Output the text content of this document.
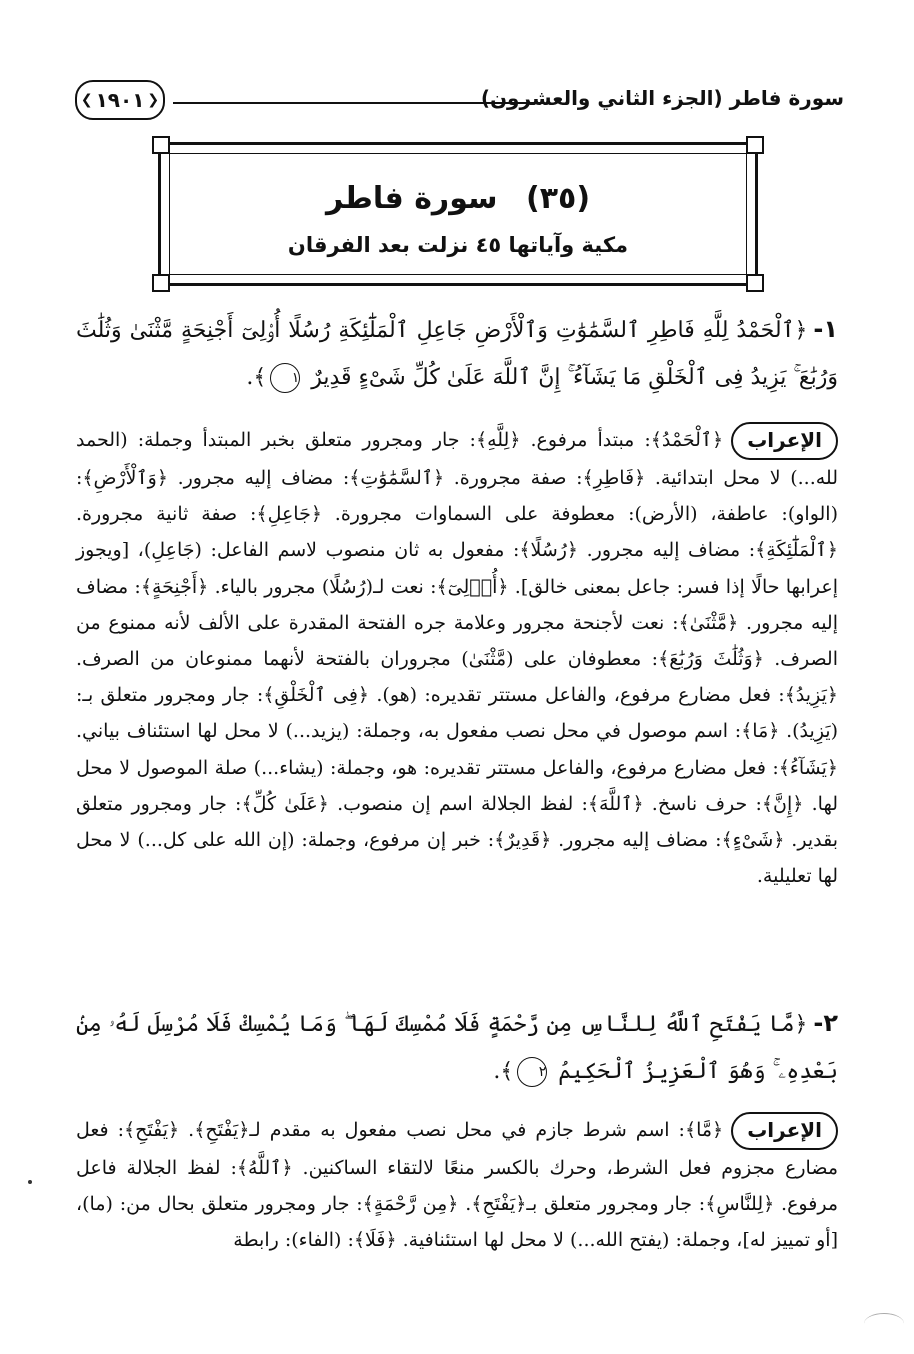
سورة فاطر (الجزء الثاني والعشرون)
❮ ١٩٠١ ❯
(٣٥) سورة فاطر
مكية وآياتها ٤٥ نزلت بعد الفرقان
١-﴿ٱلْحَمْدُ لِلَّهِ فَاطِرِ ٱلسَّمَٰوَٰتِ وَٱلْأَرْضِ جَاعِلِ ٱلْمَلَٰٓئِكَةِ رُسُلًا أُو۟لِىٓ أَجْنِحَةٍ مَّثْنَىٰ وَثُلَٰثَ وَرُبَٰعَ ۚ يَزِيدُ فِى ٱلْخَلْقِ مَا يَشَآءُ ۚ إِنَّ ٱللَّهَ عَلَىٰ كُلِّ شَىْءٍ قَدِيرٌ ١﴾.
الإعراب﴿ٱلْحَمْدُ﴾: مبتدأ مرفوع. ﴿لِلَّهِ﴾: جار ومجرور متعلق بخبر المبتدأ وجملة: (الحمد لله...) لا محل ابتدائية. ﴿فَاطِرِ﴾: صفة مجرورة. ﴿ٱلسَّمَٰوَٰتِ﴾: مضاف إليه مجرور. ﴿وَٱلْأَرْضِ﴾: (الواو): عاطفة، (الأرض): معطوفة على السماوات مجرورة. ﴿جَاعِلِ﴾: صفة ثانية مجرورة. ﴿ٱلْمَلَٰٓئِكَةِ﴾: مضاف إليه مجرور. ﴿رُسُلًا﴾: مفعول به ثان منصوب لاسم الفاعل: (جَاعِلِ)، [ويجوز إعرابها حالًا إذا فسر: جاعل بمعنى خالق]. ﴿أُو۟لِىٓ﴾: نعت لـ(رُسُلًا) مجرور بالياء. ﴿أَجْنِحَةٍ﴾: مضاف إليه مجرور. ﴿مَّثْنَىٰ﴾: نعت لأجنحة مجرور وعلامة جره الفتحة المقدرة على الألف لأنه ممنوع من الصرف. ﴿وَثُلَٰثَ وَرُبَٰعَ﴾: معطوفان على (مَّثْنَىٰ) مجروران بالفتحة لأنهما ممنوعان من الصرف. ﴿يَزِيدُ﴾: فعل مضارع مرفوع، والفاعل مستتر تقديره: (هو). ﴿فِى ٱلْخَلْقِ﴾: جار ومجرور متعلق بـ:(يَزِيدُ). ﴿مَا﴾: اسم موصول في محل نصب مفعول به، وجملة: (يزيد...) لا محل لها استئناف بياني. ﴿يَشَآءُ﴾: فعل مضارع مرفوع، والفاعل مستتر تقديره: هو، وجملة: (يشاء...) صلة الموصول لا محل لها. ﴿إِنَّ﴾: حرف ناسخ. ﴿ٱللَّهَ﴾: لفظ الجلالة اسم إن منصوب. ﴿عَلَىٰ كُلِّ﴾: جار ومجرور متعلق بقدير. ﴿شَىْءٍ﴾: مضاف إليه مجرور. ﴿قَدِيرٌ﴾: خبر إن مرفوع، وجملة: (إن الله على كل...) لا محل لها تعليلية.
٢-﴿مَّا يَفْتَحِ ٱللَّهُ لِلنَّاسِ مِن رَّحْمَةٍ فَلَا مُمْسِكَ لَهَا ۖ وَمَا يُمْسِكْ فَلَا مُرْسِلَ لَهُۥ مِنۢ بَعْدِهِۦ ۚ وَهُوَ ٱلْعَزِيزُ ٱلْحَكِيمُ ٢﴾.
الإعراب﴿مَّا﴾: اسم شرط جازم في محل نصب مفعول به مقدم لـ﴿يَفْتَحِ﴾. ﴿يَفْتَحِ﴾: فعل مضارع مجزوم فعل الشرط، وحرك بالكسر منعًا لالتقاء الساكنين. ﴿ٱللَّهُ﴾: لفظ الجلالة فاعل مرفوع. ﴿لِلنَّاسِ﴾: جار ومجرور متعلق بـ﴿يَفْتَحِ﴾. ﴿مِن رَّحْمَةٍ﴾: جار ومجرور متعلق بحال من: (ما)، [أو تمييز له]، وجملة: (يفتح الله...) لا محل لها استئنافية. ﴿فَلَا﴾: (الفاء): رابطة
